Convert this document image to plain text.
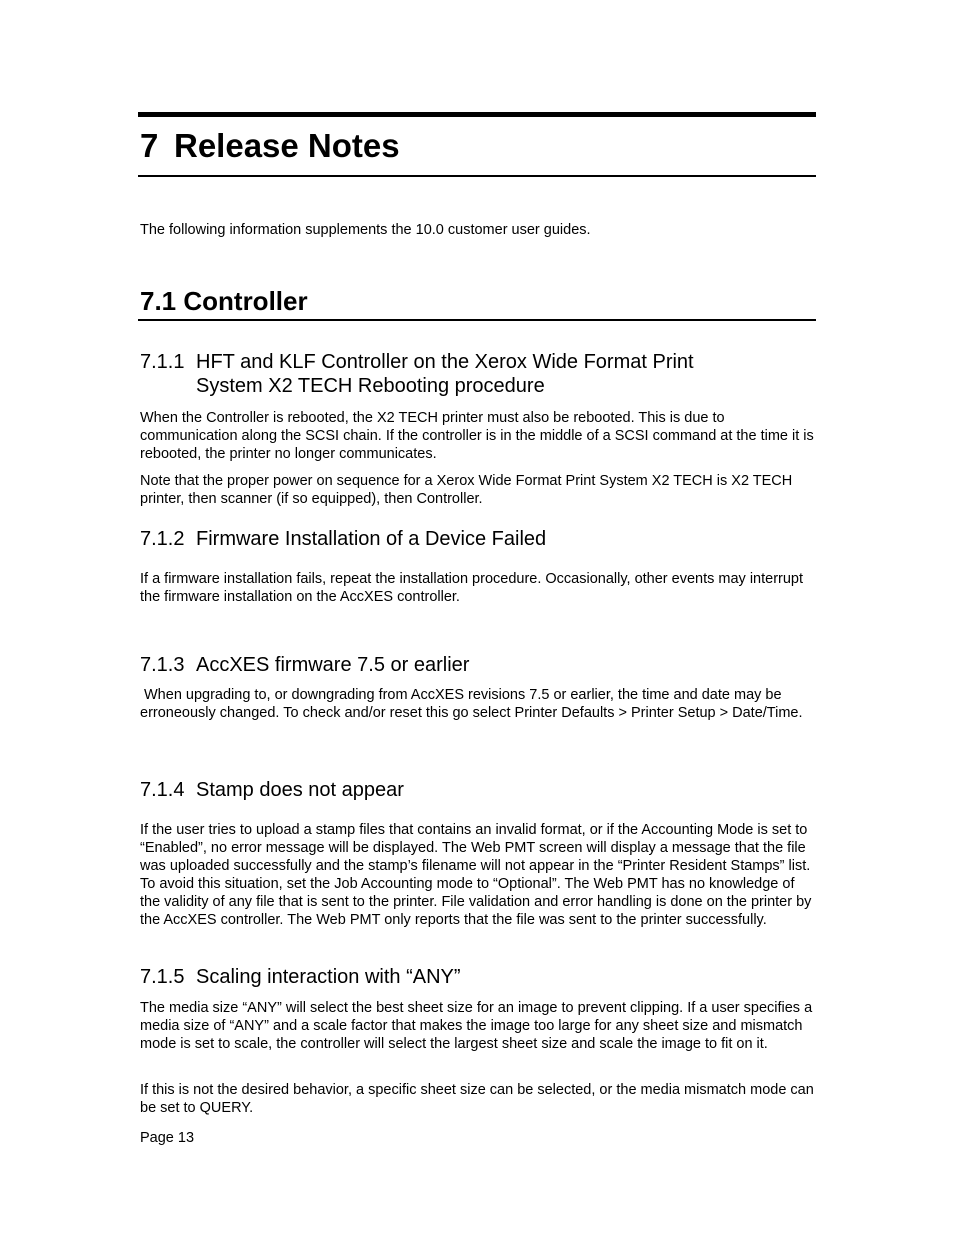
7 Release Notes
The following information supplements the 10.0 customer user guides.
7.1 Controller
7.1.1 HFT and KLF Controller on the Xerox Wide Format Print
System X2 TECH Rebooting procedure
When the Controller is rebooted, the X2 TECH printer must also be rebooted. This is due to communication along the SCSI chain. If the controller is in the middle of a SCSI command at the time it is rebooted, the printer no longer communicates.
Note that the proper power on sequence for a Xerox Wide Format Print System X2 TECH is X2 TECH printer, then scanner (if so equipped), then Controller.
7.1.2 Firmware Installation of a Device Failed
If a firmware installation fails, repeat the installation procedure. Occasionally, other events may interrupt the firmware installation on the AccXES controller.
7.1.3 AccXES firmware 7.5 or earlier
When upgrading to, or downgrading from AccXES revisions 7.5 or earlier, the time and date may be erroneously changed. To check and/or reset this go select Printer Defaults > Printer Setup > Date/Time.
7.1.4 Stamp does not appear
If the user tries to upload a stamp files that contains an invalid format, or if the Accounting Mode is set to “Enabled”, no error message will be displayed. The Web PMT screen will display a message that the file was uploaded successfully and the stamp’s filename will not appear in the “Printer Resident Stamps” list. To avoid this situation, set the Job Accounting mode to “Optional”. The Web PMT has no knowledge of the validity of any file that is sent to the printer. File validation and error handling is done on the printer by the AccXES controller. The Web PMT only reports that the file was sent to the printer successfully.
7.1.5 Scaling interaction with “ANY”
The media size “ANY” will select the best sheet size for an image to prevent clipping. If a user specifies a media size of “ANY” and a scale factor that makes the image too large for any sheet size and mismatch mode is set to scale, the controller will select the largest sheet size and scale the image to fit on it.
If this is not the desired behavior, a specific sheet size can be selected, or the media mismatch mode can be set to QUERY.
Page 13
